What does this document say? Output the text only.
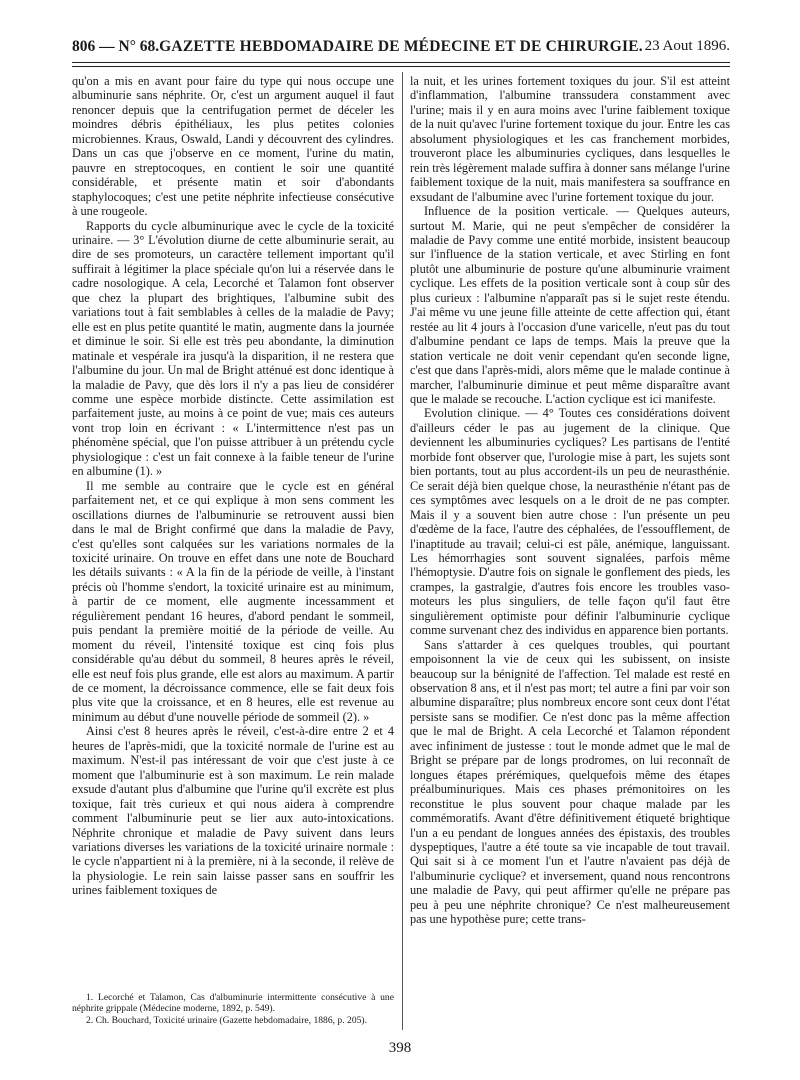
806 — N° 68. GAZETTE HEBDOMADAIRE DE MÉDECINE ET DE CHIRURGIE. 23 Aout 1896.

qu'on a mis en avant pour faire du type qui nous occupe une albuminurie sans néphrite. Or, c'est un argument auquel il faut renoncer depuis que la centrifugation permet de déceler les moindres débris épithéliaux, les plus petites colonies microbiennes. Kraus, Oswald, Landi y découvrent des cylindres. Dans un cas que j'observe en ce moment, l'urine du matin, pauvre en streptocoques, en contient le soir une quantité considérable, et présente matin et soir d'abondants staphylocoques; c'est une petite néphrite infectieuse consécutive à une rougeole.

Rapports du cycle albuminurique avec le cycle de la toxicité urinaire. — 3° L'évolution diurne de cette albuminurie serait, au dire de ses promoteurs, un caractère tellement important qu'il suffirait à légitimer la place spéciale qu'on lui a réservée dans le cadre nosologique. A cela, Lecorché et Talamon font observer que chez la plupart des brightiques, l'albumine subit des variations tout à fait semblables à celles de la maladie de Pavy; elle est en plus petite quantité le matin, augmente dans la journée et diminue le soir. Si elle est très peu abondante, la diminution matinale et vespérale ira jusqu'à la disparition, il ne restera que l'albumine du jour. Un mal de Bright atténué est donc identique à la maladie de Pavy, que dès lors il n'y a pas lieu de considérer comme une espèce morbide distincte. Cette assimilation est parfaitement juste, au moins à ce point de vue; mais ces auteurs vont trop loin en écrivant : « L'intermittence n'est pas un phénomène spécial, que l'on puisse attribuer à un prétendu cycle physiologique : c'est un fait connexe à la faible teneur de l'urine en albumine (1). »

Il me semble au contraire que le cycle est en général parfaitement net, et ce qui explique à mon sens comment les oscillations diurnes de l'albuminurie se retrouvent aussi bien dans le mal de Bright confirmé que dans la maladie de Pavy, c'est qu'elles sont calquées sur les variations normales de la toxicité urinaire. On trouve en effet dans une note de Bouchard les détails suivants : « A la fin de la période de veille, à l'instant précis où l'homme s'endort, la toxicité urinaire est au minimum, à partir de ce moment, elle augmente incessamment et régulièrement pendant 16 heures, d'abord pendant le sommeil, puis pendant la première moitié de la période de veille. Au moment du réveil, l'intensité toxique est cinq fois plus considérable qu'au début du sommeil, 8 heures après le réveil, elle est neuf fois plus grande, elle est alors au maximum. A partir de ce moment, la décroissance commence, elle se fait deux fois plus vite que la croissance, et en 8 heures, elle est revenue au minimum au début d'une nouvelle période de sommeil (2). »

Ainsi c'est 8 heures après le réveil, c'est-à-dire entre 2 et 4 heures de l'après-midi, que la toxicité normale de l'urine est au maximum. N'est-il pas intéressant de voir que c'est juste à ce moment que l'albuminurie est à son maximum. Le rein malade exsude d'autant plus d'albumine que l'urine qu'il excrète est plus toxique, fait très curieux et qui nous aidera à comprendre comment l'albuminurie peut se lier aux auto-intoxications. Néphrite chronique et maladie de Pavy suivent dans leurs variations diverses les variations de la toxicité urinaire normale : le cycle n'appartient ni à la première, ni à la seconde, il relève de la physiologie. Le rein sain laisse passer sans en souffrir les urines faiblement toxiques de

la nuit, et les urines fortement toxiques du jour. S'il est atteint d'inflammation, l'albumine transsudera constamment avec l'urine; mais il y en aura moins avec l'urine faiblement toxique de la nuit qu'avec l'urine fortement toxique du jour. Entre les cas absolument physiologiques et les cas franchement morbides, trouveront place les albuminuries cycliques, dans lesquelles le rein très légèrement malade suffira à donner sans mélange l'urine faiblement toxique de la nuit, mais manifestera sa souffrance en exsudant de l'albumine avec l'urine fortement toxique du jour.

Influence de la position verticale. — Quelques auteurs, surtout M. Marie, qui ne peut s'empêcher de considérer la maladie de Pavy comme une entité morbide, insistent beaucoup sur l'influence de la station verticale, et avec Stirling en font plutôt une albuminurie de posture qu'une albuminurie vraiment cyclique. Les effets de la position verticale sont à coup sûr des plus curieux : l'albumine n'apparaît pas si le sujet reste étendu. J'ai même vu une jeune fille atteinte de cette affection qui, étant restée au lit 4 jours à l'occasion d'une varicelle, n'eut pas du tout d'albumine pendant ce laps de temps. Mais la preuve que la station verticale ne doit venir cependant qu'en seconde ligne, c'est que dans l'après-midi, alors même que le malade continue à marcher, l'albuminurie diminue et peut même disparaître avant que le malade se recouche. L'action cyclique est ici manifeste.

Evolution clinique. — 4° Toutes ces considérations doivent d'ailleurs céder le pas au jugement de la clinique. Que deviennent les albuminuries cycliques? Les partisans de l'entité morbide font observer que, l'urologie mise à part, les sujets sont bien portants, tout au plus accordent-ils un peu de neurasthénie. Ce serait déjà bien quelque chose, la neurasthénie n'étant pas de ces symptômes avec lesquels on a le droit de ne pas compter. Mais il y a souvent bien autre chose : l'un présente un peu d'œdème de la face, l'autre des céphalées, de l'essoufflement, de l'inaptitude au travail; celui-ci est pâle, anémique, languissant. Les hémorrhagies sont souvent signalées, parfois même l'hémoptysie. D'autre fois on signale le gonflement des pieds, les crampes, la gastralgie, d'autres fois encore les troubles vaso-moteurs les plus singuliers, de telle façon qu'il faut être singulièrement optimiste pour définir l'albuminurie cyclique comme survenant chez des individus en apparence bien portants.

Sans s'attarder à ces quelques troubles, qui pourtant empoisonnent la vie de ceux qui les subissent, on insiste beaucoup sur la bénignité de l'affection. Tel malade est resté en observation 8 ans, et il n'est pas mort; tel autre a fini par voir son albumine disparaître; plus nombreux encore sont ceux dont l'état persiste sans se modifier. Ce n'est donc pas la même affection que le mal de Bright. A cela Lecorché et Talamon répondent avec infiniment de justesse : tout le monde admet que le mal de Bright se prépare par de longs prodromes, on lui reconnaît de longues étapes prérémiques, quelquefois même des étapes préalbuminuriques. Mais ces phases prémonitoires on les reconstitue le plus souvent pour chaque malade par les commémoratifs. Avant d'être définitivement étiqueté brightique l'un a eu pendant de longues années des épistaxis, des troubles dyspeptiques, l'autre a été toute sa vie incapable de tout travail. Qui sait si à ce moment l'un et l'autre n'avaient pas déjà de l'albuminurie cyclique? et inversement, quand nous rencontrons une maladie de Pavy, qui peut affirmer qu'elle ne prépare pas peu à peu une néphrite chronique? Ce n'est malheureusement pas une hypothèse pure; cette trans-

1. Lecorché et Talamon, Cas d'albuminurie intermittente consécutive à une néphrite grippale (Médecine moderne, 1892, p. 549).

2. Ch. Bouchard, Toxicité urinaire (Gazette hebdomadaire, 1886, p. 205).

398
